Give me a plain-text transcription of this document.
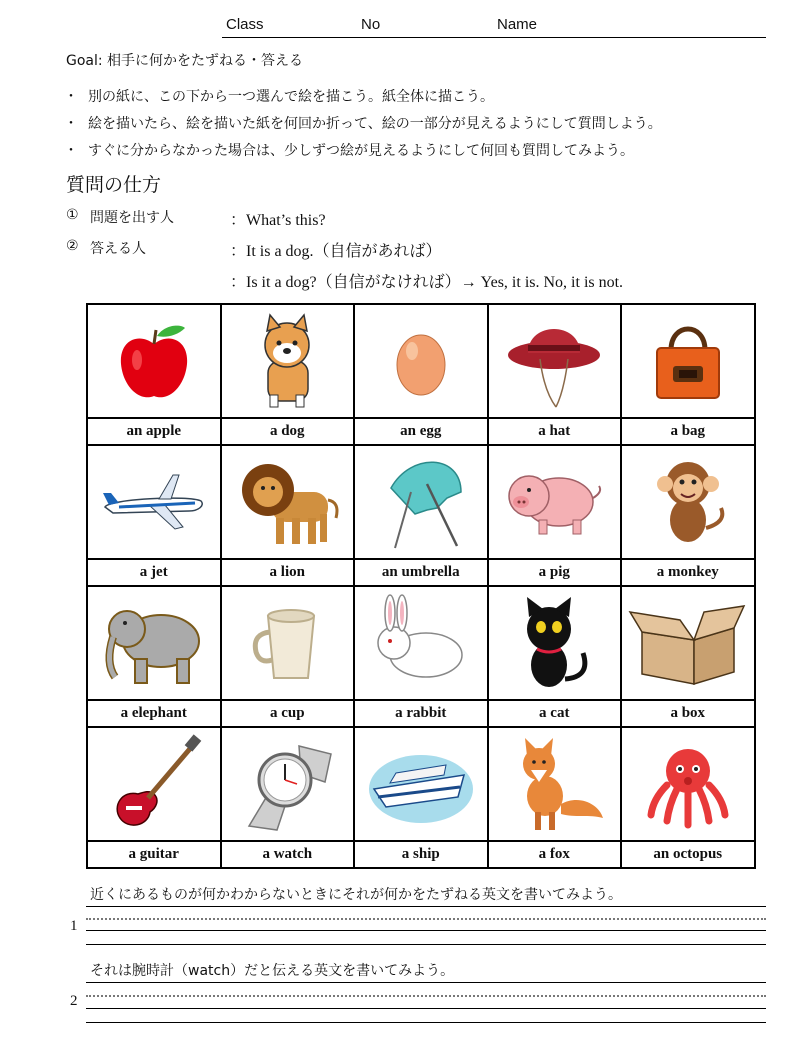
Class	No	Name
Goal: 相手に何かをたずねる・答える
・ 別の紙に、この下から一つ選んで絵を描こう。紙全体に描こう。
・ 絵を描いたら、絵を描いた紙を何回か折って、絵の一部分が見えるようにして質問しよう。
・ すぐに分からなかった場合は、少しずつ絵が見えるようにして何回も質問してみよう。
質問の仕方
① 問題を出す人	：What’s this?
② 答える人	：It is a dog.（自信があれば）
：Is it a dog?（自信がなければ）→ Yes, it is. No, it is not.

an apple	a dog	an egg	a hat	a bag

a jet	a lion	an umbrella	a pig	a monkey

a elephant	a cup	a rabbit	a cat	a box

a guitar	a watch	a ship	a fox	an octopus
近くにあるものが何かわからないときにそれが何かをたずねる英文を書いてみよう。
1
それは腕時計（watch）だと伝える英文を書いてみよう。
2
